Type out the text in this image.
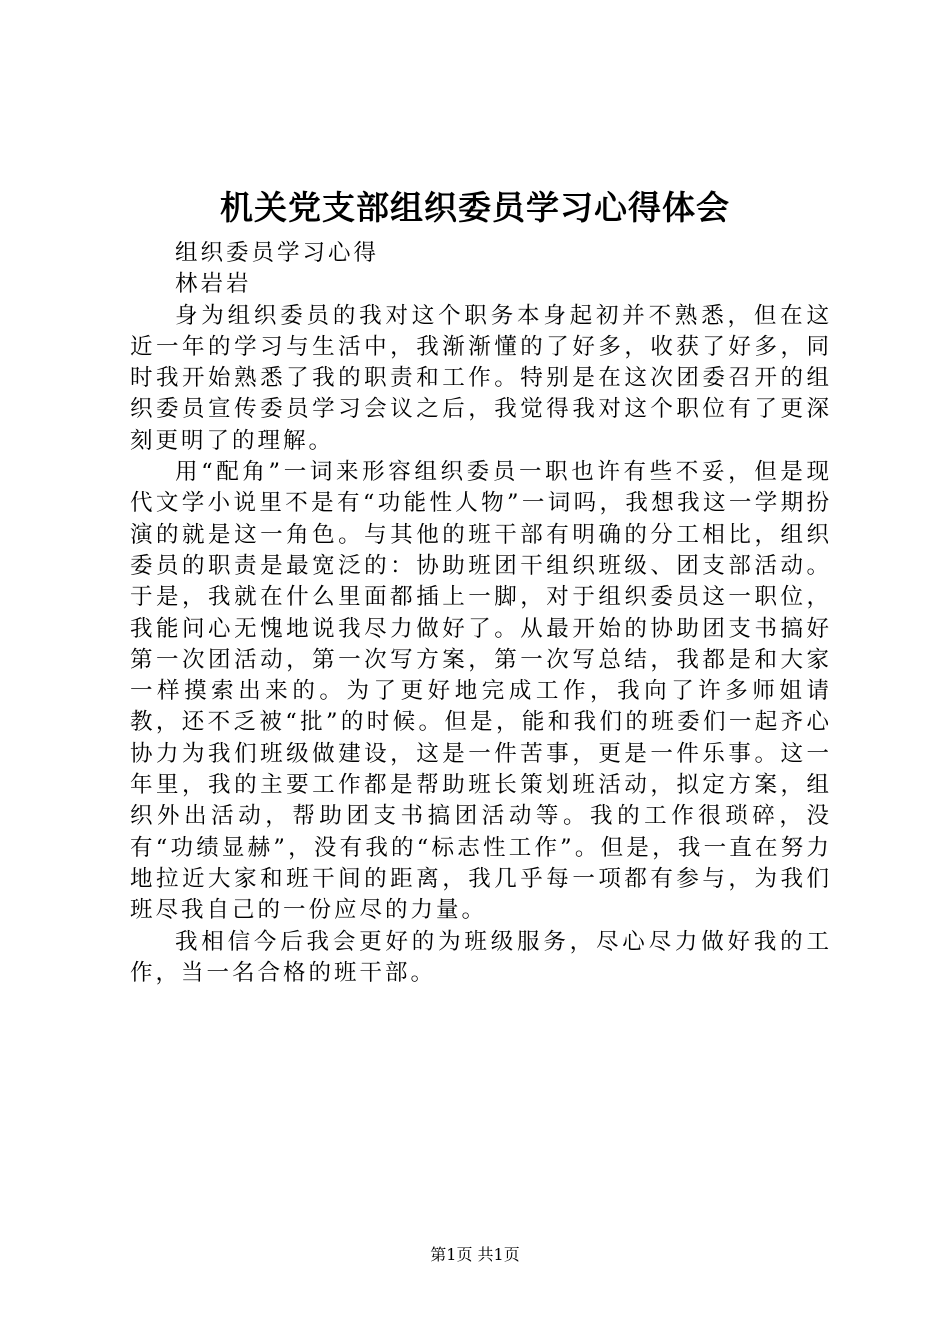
机关党支部组织委员学习心得体会

组织委员学习心得

林岩岩

身为组织委员的我对这个职务本身起初并不熟悉，但在这近一年的学习与生活中，我渐渐懂的了好多，收获了好多，同时我开始熟悉了我的职责和工作。特别是在这次团委召开的组织委员宣传委员学习会议之后，我觉得我对这个职位有了更深刻更明了的理解。

用“配角”一词来形容组织委员一职也许有些不妥，但是现代文学小说里不是有“功能性人物”一词吗，我想我这一学期扮演的就是这一角色。与其他的班干部有明确的分工相比，组织委员的职责是最宽泛的：协助班团干组织班级、团支部活动。于是，我就在什么里面都插上一脚，对于组织委员这一职位，我能问心无愧地说我尽力做好了。从最开始的协助团支书搞好第一次团活动，第一次写方案，第一次写总结，我都是和大家一样摸索出来的。为了更好地完成工作，我向了许多师姐请教，还不乏被“批”的时候。但是，能和我们的班委们一起齐心协力为我们班级做建设，这是一件苦事，更是一件乐事。这一年里，我的主要工作都是帮助班长策划班活动，拟定方案，组织外出活动，帮助团支书搞团活动等。我的工作很琐碎，没有“功绩显赫”，没有我的“标志性工作”。但是，我一直在努力地拉近大家和班干间的距离，我几乎每一项都有参与，为我们班尽我自己的一份应尽的力量。

我相信今后我会更好的为班级服务，尽心尽力做好我的工作，当一名合格的班干部。

第1页 共1页
